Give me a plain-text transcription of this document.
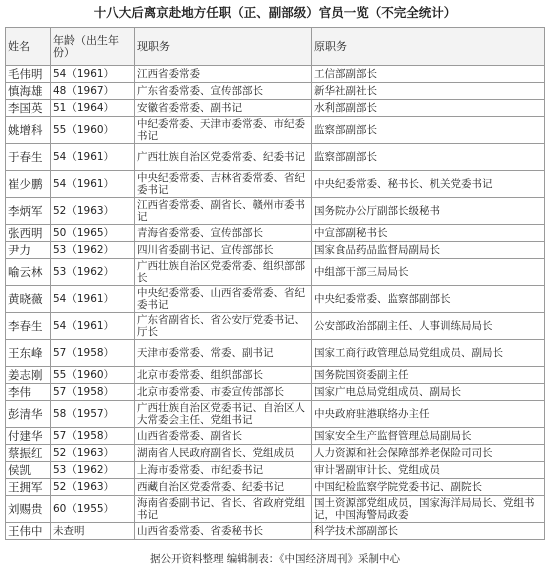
十八大后离京赴地方任职（正、副部级）官员一览（不完全统计）
姓名	年龄（出生年份）	现职务	原职务
毛伟明	54（1961）	江西省委常委	工信部副部长
慎海雄	48（1967）	广东省委常委、宣传部部长	新华社副社长
李国英	51（1964）	安徽省委常委、副书记	水利部副部长
姚增科	55（1960）	中纪委常委、天津市委常委、市纪委书记	监察部副部长
于春生	54（1961）	广西壮族自治区党委常委、纪委书记	监察部副部长
崔少鹏	54（1961）	中央纪委常委、吉林省委常委、省纪委书记	中央纪委常委、秘书长、机关党委书记
李炳军	52（1963）	江西省委常委、副省长、赣州市委书记	国务院办公厅副部长级秘书
张西明	50（1965）	青海省委常委、宣传部部长	中宣部副秘书长
尹力	53（1962）	四川省委副书记、宣传部部长	国家食品药品监督局副局长
喻云林	53（1962）	广西壮族自治区党委常委、组织部部长	中组部干部三局局长
黄晓薇	54（1961）	中央纪委常委、山西省委常委、省纪委书记	中央纪委常委、监察部副部长
李春生	54（1961）	广东省副省长、省公安厅党委书记、厅长	公安部政治部副主任、人事训练局局长
王东峰	57（1958）	天津市委常委、常委、副书记	国家工商行政管理总局党组成员、副局长
姜志刚	55（1960）	北京市委常委、组织部部长	国务院国资委副主任
李伟	57（1958）	北京市委常委、市委宣传部部长	国家广电总局党组成员、副局长
彭清华	58（1957）	广西壮族自治区党委书记、自治区人大常委会主任、党组书记	中央政府驻港联络办主任
付建华	57（1958）	山西省委常委、副省长	国家安全生产监督管理总局副局长
蔡振红	52（1963）	湖南省人民政府副省长、党组成员	人力资源和社会保障部养老保险司司长
侯凯	53（1962）	上海市委常委、市纪委书记	审计署副审计长、党组成员
王拥军	52（1963）	西藏自治区党委常委、纪委书记	中国纪检监察学院党委书记、副院长
刘赐贵	60（1955）	海南省委副书记、省长、省政府党组书记	国土资源部党组成员，国家海洋局局长、党组书记，中国海警局政委
王伟中	未查明	山西省委常委、省委秘书长	科学技术部副部长
据公开资料整理 编辑制表：《中国经济周刊》采制中心
